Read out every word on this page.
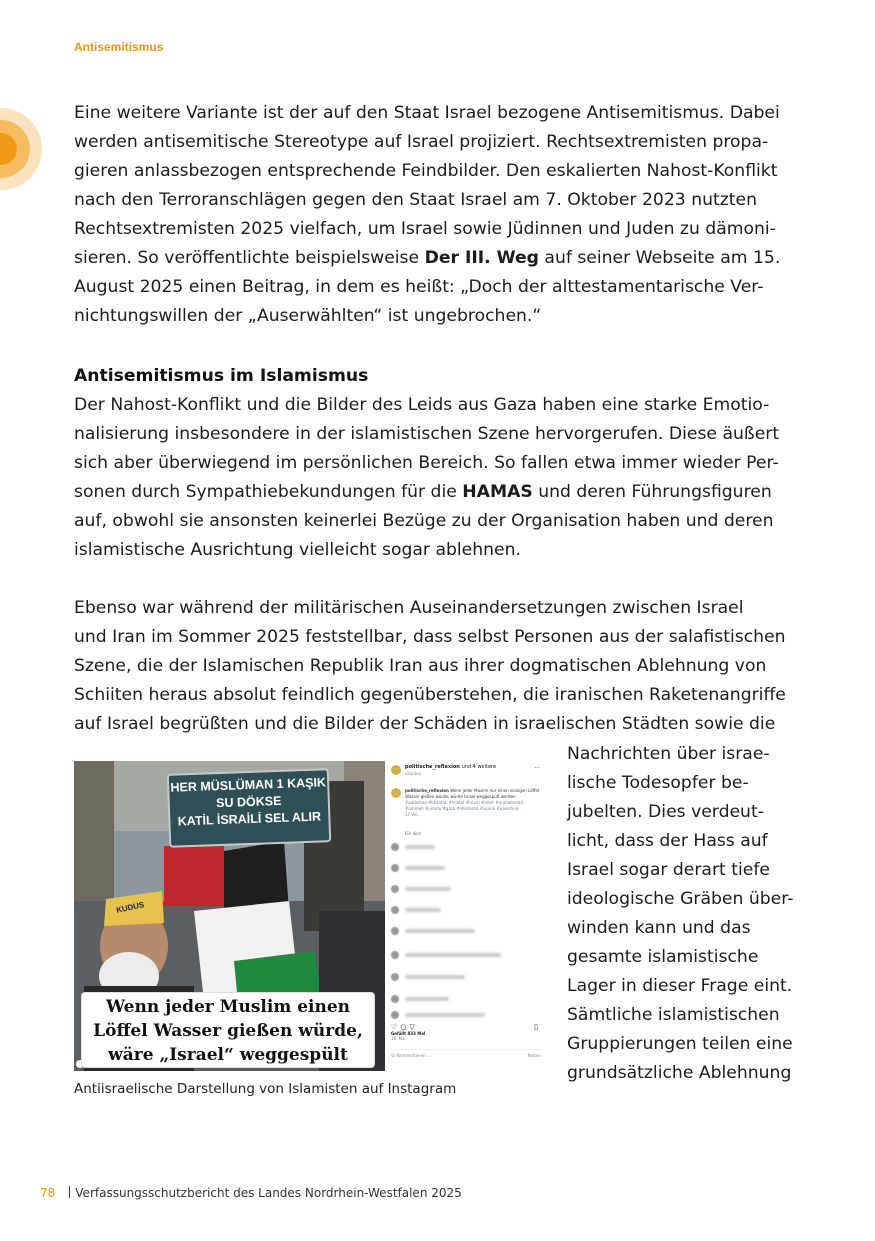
Antisemitismus
Eine weitere Variante ist der auf den Staat Israel bezogene Antisemitismus. Dabei
werden antisemitische Stereotype auf Israel projiziert. Rechtsextremisten propa-
gieren anlassbezogen entsprechende Feindbilder. Den eskalierten Nahost-Konflikt
nach den Terroranschlägen gegen den Staat Israel am 7. Oktober 2023 nutzten
Rechtsextremisten 2025 vielfach, um Israel sowie Jüdinnen und Juden zu dämoni-
sieren. So veröffentlichte beispielsweise Der III. Weg auf seiner Webseite am 15.
August 2025 einen Beitrag, in dem es heißt: „Doch der alttestamentarische Ver-
nichtungswillen der „Auserwählten“ ist ungebrochen.“
Antisemitismus im Islamismus
Der Nahost-Konflikt und die Bilder des Leids aus Gaza haben eine starke Emotio-
nalisierung insbesondere in der islamistischen Szene hervorgerufen. Diese äußert
sich aber überwiegend im persönlichen Bereich. So fallen etwa immer wieder Per-
sonen durch Sympathiebekundungen für die HAMAS und deren Führungsfiguren
auf, obwohl sie ansonsten keinerlei Bezüge zu der Organisation haben und deren
islamistische Ausrichtung vielleicht sogar ablehnen.
Ebenso war während der militärischen Auseinandersetzungen zwischen Israel
und Iran im Sommer 2025 feststellbar, dass selbst Personen aus der salafistischen
Szene, die der Islamischen Republik Iran aus ihrer dogmatischen Ablehnung von
Schiiten heraus absolut feindlich gegenüberstehen, die iranischen Raketenangriffe
auf Israel begrüßten und die Bilder der Schäden in israelischen Städten sowie die
Nachrichten über israe-
lische Todesopfer be-
jubelten. Dies verdeut-
licht, dass der Hass auf
Israel sogar derart tiefe
ideologische Gräben über-
winden kann und das
gesamte islamistische
Lager in dieser Frage eint.
Sämtliche islamistischen
Gruppierungen teilen eine
grundsätzliche Ablehnung
HER MÜSLÜMAN 1 KAŞIK
SU DÖKSE
KATİL İSRAİLİ SEL ALIR
KUDUS
Wenn jeder Muslim einen
Löffel Wasser gießen würde,
wäre „Israel“ weggespült
politische_reflexion und 4 weitere
Istanbul
...
politische_reflexion Wenn jeder Muslim nur einen einzigen Löffel Wasser gießen würde, würde Israel weggespült werden.
#palästina #khilafah #hilafet #islam #allah #muhammad #ummah #umma #gaza #islamisch #sunna #palestine
17 Wo.
Für dich
♡○▽	▯
Gefällt 833 Mal
18. Mai
☺ Kommentieren ...	Posten
Antiisraelische Darstellung von Islamisten auf Instagram
78 Verfassungsschutzbericht des Landes Nordrhein-Westfalen 2025
